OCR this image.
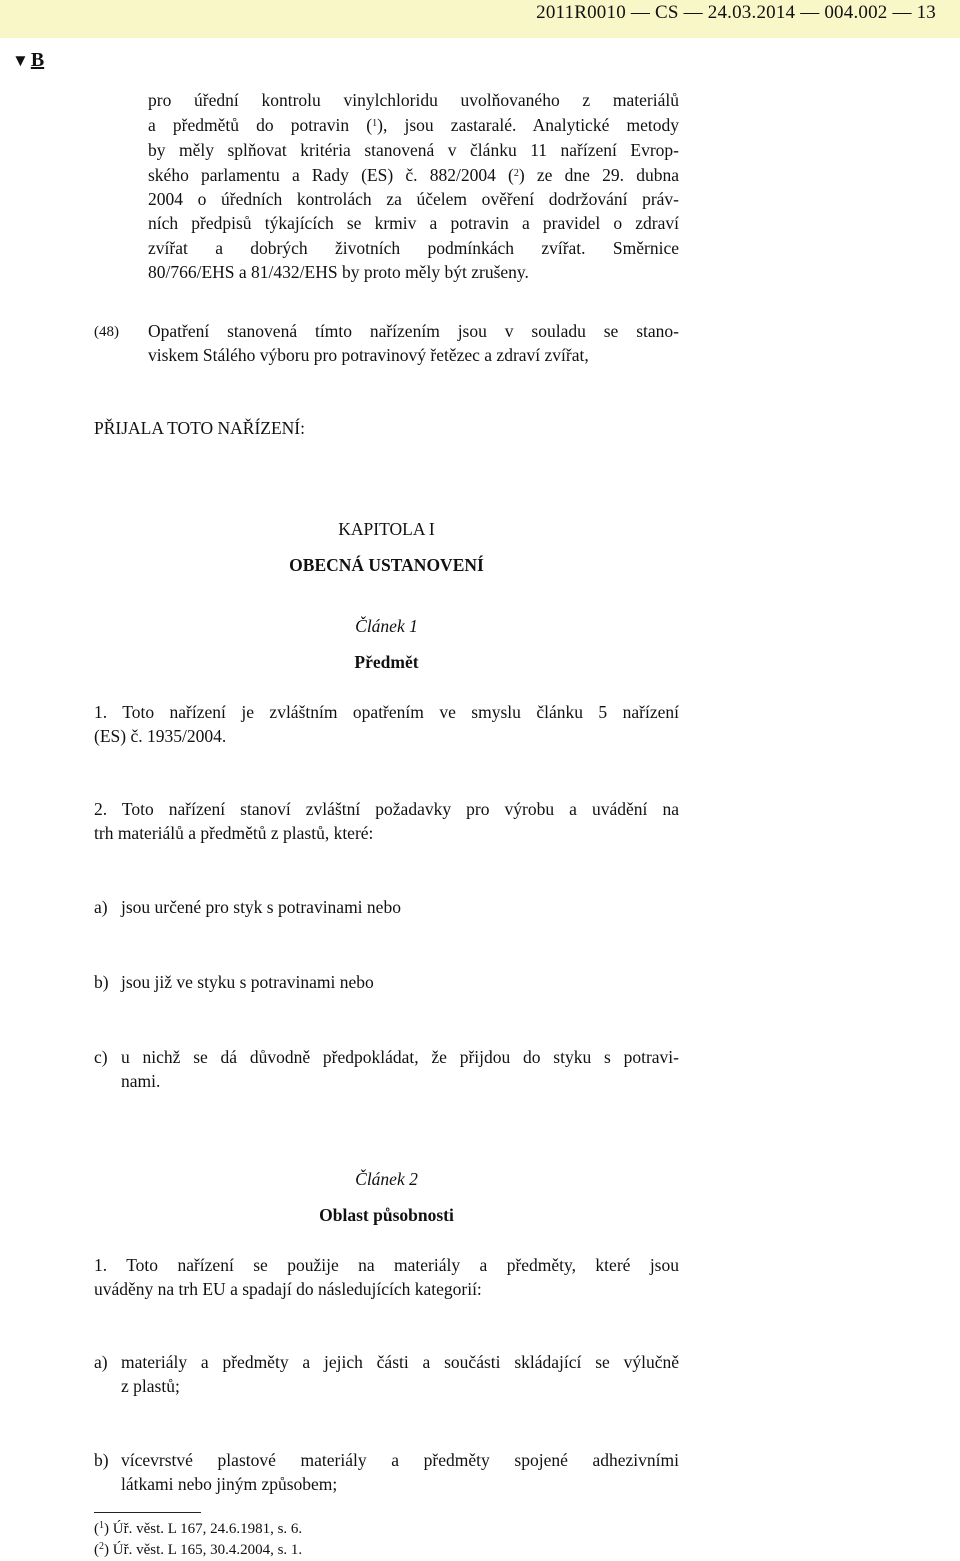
2011R0010 — CS — 24.03.2014 — 004.002 — 13
▼ B
pro úřední kontrolu vinylchloridu uvolňovaného z materiálů
a předmětů do potravin ($^1$), jsou zastaralé. Analytické metody
by měly splňovat kritéria stanovená v článku 11 nařízení Evrop-
ského parlamentu a Rady (ES) č. 882/2004 ($^2$) ze dne 29. dubna
2004 o úředních kontrolách za účelem ověření dodržování práv-
ních předpisů týkajících se krmiv a potravin a pravidel o zdraví
zvířat a dobrých životních podmínkách zvířat. Směrnice
80/766/EHS a 81/432/EHS by proto měly být zrušeny.
(48) Opatření stanovená tímto nařízením jsou v souladu se stano-
viskem Stálého výboru pro potravinový řetězec a zdraví zvířat,
PŘIJALA TOTO NAŘÍZENÍ:
KAPITOLA I
OBECNÁ USTANOVENÍ
Článek 1
Předmět
1. Toto nařízení je zvláštním opatřením ve smyslu článku 5 nařízení
(ES) č. 1935/2004.
2. Toto nařízení stanoví zvláštní požadavky pro výrobu a uvádění na
trh materiálů a předmětů z plastů, které:
a) jsou určené pro styk s potravinami nebo
b) jsou již ve styku s potravinami nebo
c) u nichž se dá důvodně předpokládat, že přijdou do styku s potravi-
nami.
Článek 2
Oblast působnosti
1. Toto nařízení se použije na materiály a předměty, které jsou
uváděny na trh EU a spadají do následujících kategorií:
a) materiály a předměty a jejich části a součásti skládající se výlučně
z plastů;
b) vícevrstvé plastové materiály a předměty spojené adhezivními
látkami nebo jiným způsobem;
($^1$) Úř. věst. L 167, 24.6.1981, s. 6.
($^2$) Úř. věst. L 165, 30.4.2004, s. 1.
